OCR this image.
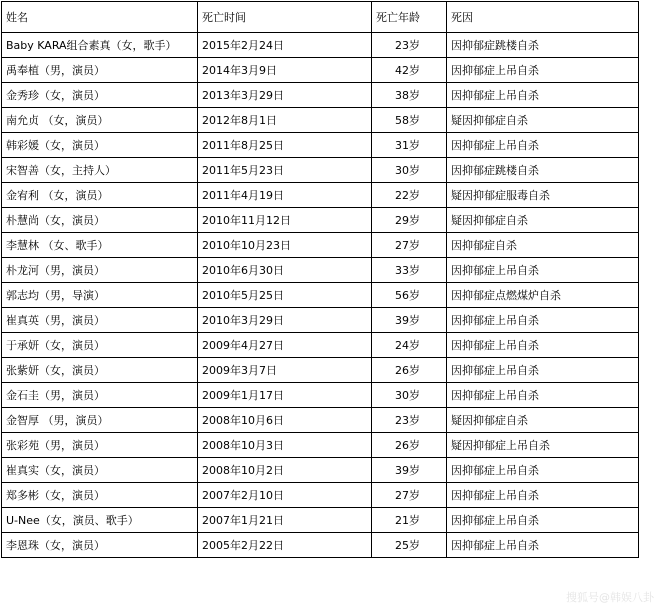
姓名	死亡时间	死亡年龄	死因
Baby KARA组合素真（女，歌手）	2015年2月24日	23岁	因抑郁症跳楼自杀
禹奉植（男，演员）	2014年3月9日	42岁	因抑郁症上吊自杀
金秀珍（女，演员）	2013年3月29日	38岁	因抑郁症上吊自杀
南允贞 （女，演员）	2012年8月1日	58岁	疑因抑郁症自杀
韩彩媛（女，演员）	2011年8月25日	31岁	因抑郁症上吊自杀
宋智善（女，主持人）	2011年5月23日	30岁	因抑郁症跳楼自杀
金宥利 （女，演员）	2011年4月19日	22岁	疑因抑郁症服毒自杀
朴慧尚（女，演员）	2010年11月12日	29岁	疑因抑郁症自杀
李慧林 （女、歌手）	2010年10月23日	27岁	因抑郁症自杀
朴龙河（男，演员）	2010年6月30日	33岁	因抑郁症上吊自杀
郭志均（男，导演）	2010年5月25日	56岁	因抑郁症点燃煤炉自杀
崔真英（男，演员）	2010年3月29日	39岁	因抑郁症上吊自杀
于承妍（女，演员）	2009年4月27日	24岁	因抑郁症上吊自杀
张紫妍（女，演员）	2009年3月7日	26岁	因抑郁症上吊自杀
金石圭（男，演员）	2009年1月17日	30岁	因抑郁症上吊自杀
金智厚 （男，演员）	2008年10月6日	23岁	疑因抑郁症自杀
张彩苑（男，演员）	2008年10月3日	26岁	疑因抑郁症上吊自杀
崔真实（女，演员）	2008年10月2日	39岁	因抑郁症上吊自杀
郑多彬（女，演员）	2007年2月10日	27岁	因抑郁症上吊自杀
U-Nee（女，演员、歌手）	2007年1月21日	21岁	因抑郁症上吊自杀
李恩珠（女，演员）	2005年2月22日	25岁	因抑郁症上吊自杀
搜狐号@韩娱八卦
